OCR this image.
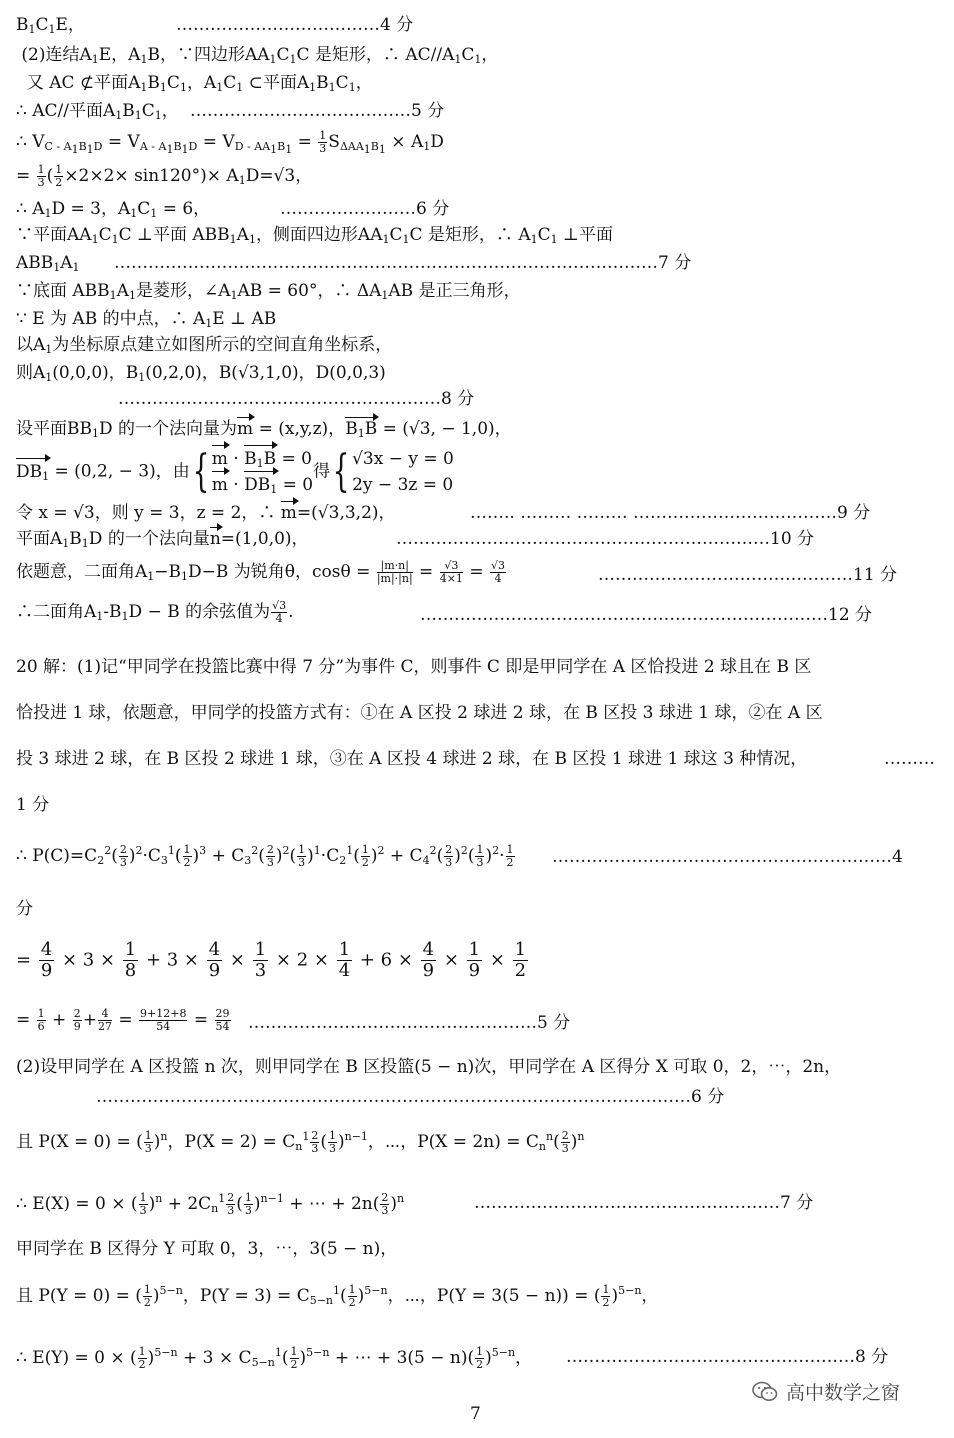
$B_1C_1E$，	………………………………4 分
(2)连结$A_1E$，$A_1B$，∵四边形$AA_1C_1C$ 是矩形，∴ $AC//A_1C_1$，
又 AC ⊄平面$A_1B_1C_1$，$A_1C_1$ ⊂平面$A_1B_1C_1$，
∴ AC//平面$A_1B_1C_1$， …………………………………5 分
∴ $V_{C - A_1B_1D} = V_{A - A_1B_1D} = V_{D - AA_1B_1} = \frac{1}{3} S_{\Delta AA_1B_1} \times A_1D$
= $\frac{1}{3}$ ( $\frac{1}{2} \times 2\times 2\times \sin 120^\circ)\times A_1D=√3$，
∴ $A_1D = 3$，$A_1C_1 = 6$，	……………………6 分
∵平面$AA_1C_1C$ ⊥平面 $ABB_1A_1$，侧面四边形$AA_1C_1C$ 是矩形，∴ $A_1C_1$ ⊥平面
$ABB_1A_1$ ……………………………………………………………………………………7 分
∵底面 $ABB_1A_1$是菱形，$\angle A_1AB = 60^\circ$，∴ $\Delta A_1AB$ 是正三角形，
∵ E 为 AB 的中点，∴ $A_1E$ ⊥ AB
以$A_1$为坐标原点建立如图所示的空间直角坐标系，
则$A_1(0,0,0)$，$B_1(0,2,0)$，B(√3,1,0)，D(0,0,3)
…………………………………………………8 分
设平面$BB_1D$ 的一个法向量为m = (x,y,z)，$B_1B = (√3$, − 1,0)，
$DB_1 = (0,2$, − 3)，由{ $m \cdot B_1B = 0$
$m \cdot DB_1 = 0$
得{ √3x − y = 0
2y − 3z = 0
令 x = √3，则 y = 3，z = 2，∴ m=(√3,3,2)，	…….. ……… ……… ………………………………9 分
平面$A_1B_1D$ 的一个法向量n=(1,0,0)，	…………………………………………………………10 分
依题意，二面角$A_1-B_1D-B$ 为锐角θ，$\cos\theta = \frac{|m\cdot n|}{|m|\cdot|n|} = \frac{√3}{4\times 1} = \frac{√3}{4}$	………………………………………11 分
∴二面角$A_1-B_1D - B$ 的余弦值为 $\frac{√3}{4}$ .	………………………………………………………………12 分
20 解：(1)记“甲同学在投篮比赛中得 7 分”为事件 C，则事件 C 即是甲同学在 A 区恰投进 2 球且在 B 区
恰投进 1 球，依题意，甲同学的投篮方式有：①在 A 区投 2 球进 2 球，在 B 区投 3 球进 1 球，②在 A 区
投 3 球进 2 球，在 B 区投 2 球进 1 球，③在 A 区投 4 球进 2 球，在 B 区投 1 球进 1 球这 3 种情况，	………
1 分
∴ $P(C)=C_2^2( \frac{2}{3} )^2\cdot C_3^1( \frac{1}{2} )^3 + C_3^2( \frac{2}{3} )^2( \frac{1}{3} )^1\cdot C_2^1( \frac{1}{2} )^2 + C_4^2( \frac{2}{3} )^2( \frac{1}{3} )^2\cdot \frac{1}{2}$ ……………………………………………………4
分
= $\frac{4}{9} \times 3 \times \frac{1}{8} + 3 \times \frac{4}{9} \times \frac{1}{3} \times 2 \times \frac{1}{4} + 6 \times \frac{4}{9} \times \frac{1}{9} \times \frac{1}{2}$
= $\frac{1}{6} + \frac{2}{9} + \frac{4}{27} = \frac{9+12+8}{54} = \frac{29}{54}$ ……………………………………………5 分
(2)设甲同学在 A 区投篮 n 次，则甲同学在 B 区投篮(5 − n)次，甲同学在 A 区得分 X 可取 0，2，⋯，2n，
……………………………………………………………………………………………6 分
且 P(X = 0) = ( $\frac{1}{3} )^n$，$P(X = 2) = C_n^1 \frac{2}{3}$ ( $\frac{1}{3} )^{n-1}$，⋯，$P(X = 2n) = C_n^n( \frac{2}{3} )^n$
∴ E(X) = 0 × ( $\frac{1}{3} )^n + 2C_n^1 \frac{2}{3}$ ( $\frac{1}{3} )^{n-1}$ + ⋯ + $2n( \frac{2}{3} )^n$	………………………………………………7 分
甲同学在 B 区得分 Y 可取 0，3，⋯，3(5 − n)，
且 P(Y = 0) = ( $\frac{1}{2} )^{5-n}$，$P(Y = 3) = C_{5-n}^1( \frac{1}{2} )^{5-n}$，⋯，P(Y = 3(5 − n)) = ( $\frac{1}{2} )^{5-n}$，
∴ E(Y) = 0 × ( $\frac{1}{2} )^{5-n} + 3 \times C_{5-n}^1( \frac{1}{2} )^{5-n}$ + ⋯ + $3(5 - n)( \frac{1}{2} )^{5-n}$， ……………………………………………8 分
7
高中数学之窗
